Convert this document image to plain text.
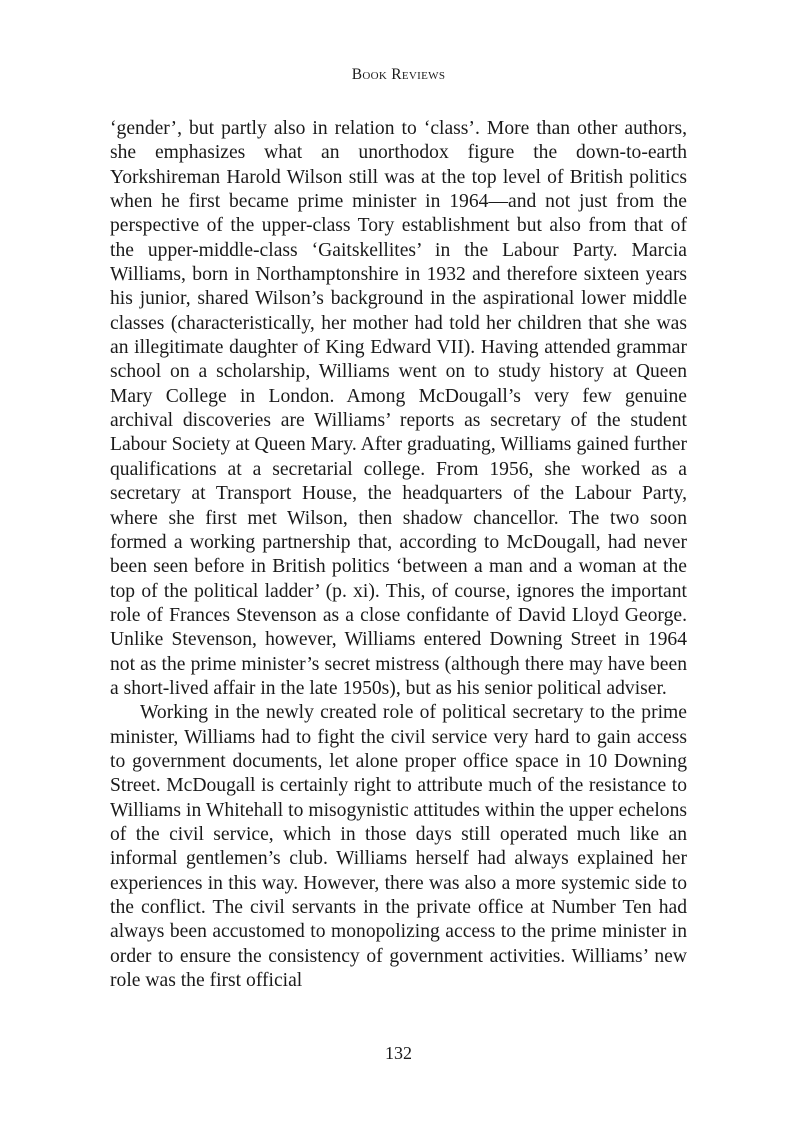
Book Reviews

‘gender’, but partly also in relation to ‘class’. More than other authors, she emphasizes what an unorthodox figure the down-to-earth Yorkshireman Harold Wilson still was at the top level of British politics when he first became prime minister in 1964—and not just from the perspective of the upper-class Tory establishment but also from that of the upper-middle-class ‘Gaitskellites’ in the Labour Party. Marcia Williams, born in Northamptonshire in 1932 and therefore sixteen years his junior, shared Wilson’s background in the aspirational lower middle classes (characteristically, her mother had told her children that she was an illegitimate daughter of King Edward VII). Having attended grammar school on a scholarship, Williams went on to study history at Queen Mary College in London. Among McDougall’s very few genuine archival discoveries are Williams’ reports as secretary of the student Labour Society at Queen Mary. After graduating, Williams gained further qualifications at a secretarial college. From 1956, she worked as a secretary at Transport House, the headquarters of the Labour Party, where she first met Wilson, then shadow chancellor. The two soon formed a working partnership that, according to McDougall, had never been seen before in British politics ‘between a man and a woman at the top of the political ladder’ (p. xi). This, of course, ignores the important role of Frances Stevenson as a close confidante of David Lloyd George. Unlike Stevenson, however, Williams entered Downing Street in 1964 not as the prime minister’s secret mistress (although there may have been a short-lived affair in the late 1950s), but as his senior political adviser.

Working in the newly created role of political secretary to the prime minister, Williams had to fight the civil service very hard to gain access to government documents, let alone proper office space in 10 Downing Street. McDougall is certainly right to attribute much of the resistance to Williams in Whitehall to misogynistic attitudes within the upper echelons of the civil service, which in those days still operated much like an informal gentlemen’s club. Williams herself had always explained her experiences in this way. However, there was also a more systemic side to the conflict. The civil servants in the private office at Number Ten had always been accustomed to monopolizing access to the prime minister in order to ensure the consistency of government activities. Williams’ new role was the first official

132
